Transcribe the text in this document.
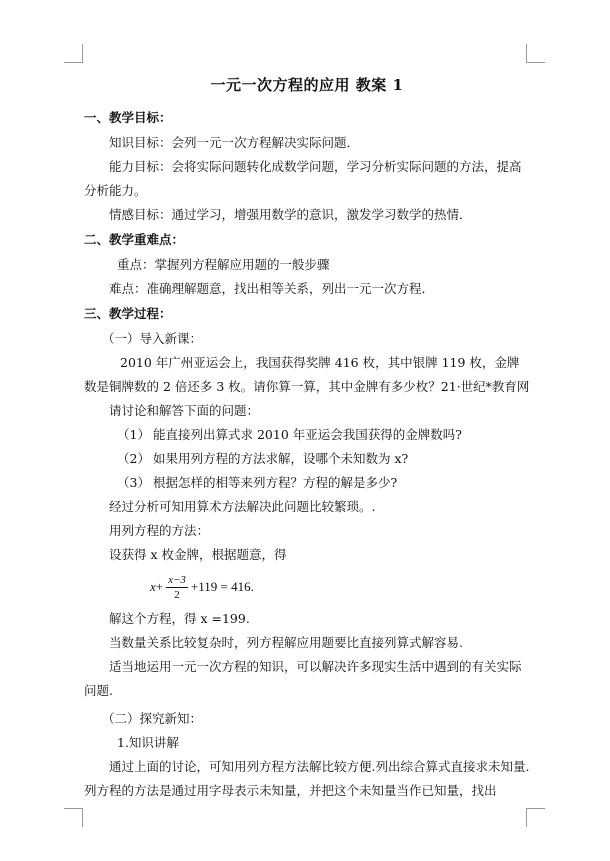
一元一次方程的应用 教案 1
一、教学目标：

知识目标：会列一元一次方程解决实际问题．

能力目标：会将实际问题转化成数学问题，学习分析实际问题的方法，提高分析能力。

情感目标：通过学习，增强用数学的意识，激发学习数学的热情．

二、教学重难点：

重点：掌握列方程解应用题的一般步骤

难点：准确理解题意，找出相等关系，列出一元一次方程．

三、教学过程：

（一）导入新课：

2010 年广州亚运会上，我国获得奖牌 416 枚，其中银牌 119 枚，金牌数是铜牌数的 2 倍还多 3 枚。请你算一算，其中金牌有多少枚？21·世纪*教育网

请讨论和解答下面的问题：

（1） 能直接列出算式求 2010 年亚运会我国获得的金牌数吗?
（2） 如果用列方程的方法求解，设哪个未知数为 x?
（3） 根据怎样的相等来列方程？方程的解是多少?

经过分析可知用算术方法解决此问题比较繁琐。.

用列方程的方法：

设获得 x 枚金牌，根据题意，得

$x + \frac{x-3}{2} +119 = 416$.

解这个方程，得 x =199.

当数量关系比较复杂时，列方程解应用题要比直接列算式解容易.

适当地运用一元一次方程的知识，可以解决许多现实生活中遇到的有关实际问题.

（二）探究新知：

1.知识讲解

通过上面的讨论，可知用列方程方法解比较方便.列出综合算式直接求未知量.列方程的方法是通过用字母表示未知量，并把这个未知量当作已知量，找出
